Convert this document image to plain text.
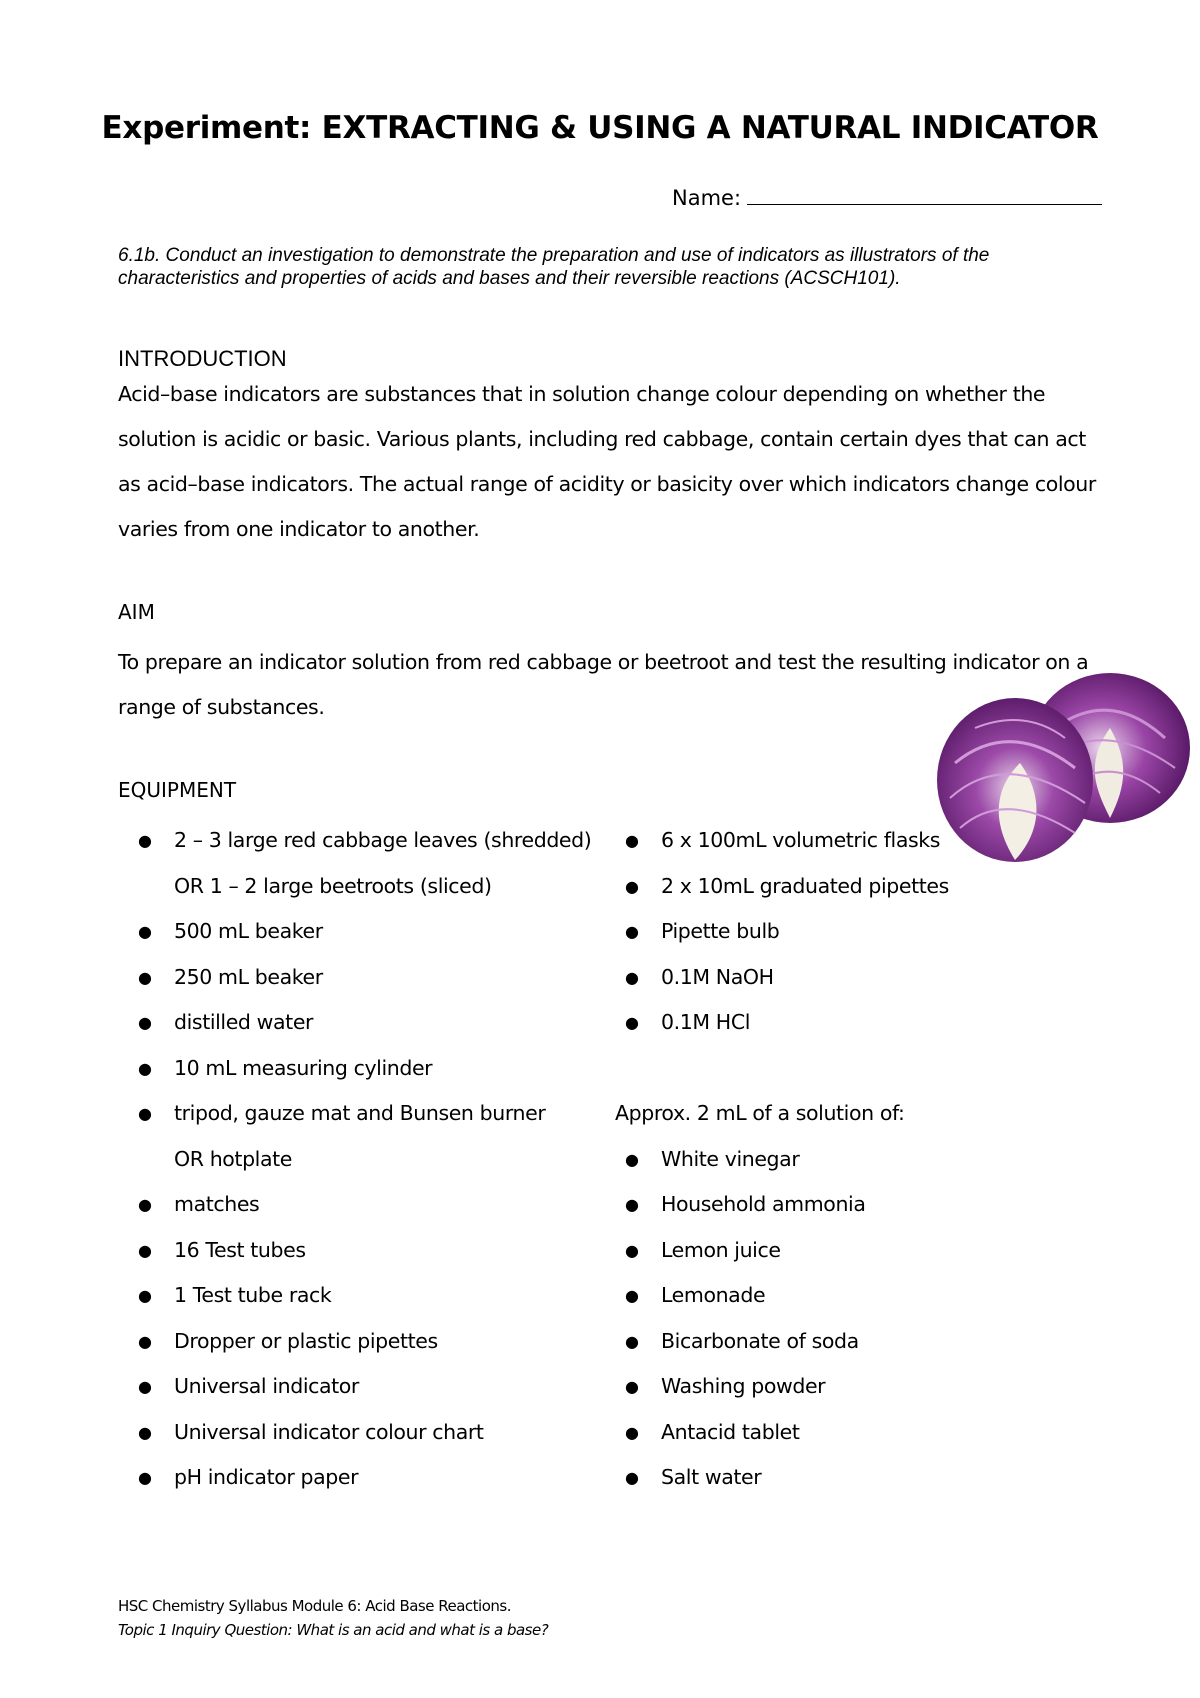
Experiment: EXTRACTING & USING A NATURAL INDICATOR
Name:
6.1b. Conduct an investigation to demonstrate the preparation and use of indicators as illustrators of the characteristics and properties of acids and bases and their reversible reactions (ACSCH101).
INTRODUCTION
Acid–base indicators are substances that in solution change colour depending on whether the solution is acidic or basic. Various plants, including red cabbage, contain certain dyes that can act as acid–base indicators. The actual range of acidity or basicity over which indicators change colour varies from one indicator to another.
AIM
To prepare an indicator solution from red cabbage or beetroot and test the resulting indicator on a range of substances.
EQUIPMENT
● 2 – 3 large red cabbage leaves (shredded)
OR 1 – 2 large beetroots (sliced)
● 500 mL beaker
● 250 mL beaker
● distilled water
● 10 mL measuring cylinder
● tripod, gauze mat and Bunsen burner
OR hotplate
● matches
● 16 Test tubes
● 1 Test tube rack
● Dropper or plastic pipettes
● Universal indicator
● Universal indicator colour chart
● pH indicator paper
● 6 x 100mL volumetric flasks
● 2 x 10mL graduated pipettes
● Pipette bulb
● 0.1M NaOH
● 0.1M HCl
Approx. 2 mL of a solution of:
● White vinegar
● Household ammonia
● Lemon juice
● Lemonade
● Bicarbonate of soda
● Washing powder
● Antacid tablet
● Salt water
HSC Chemistry Syllabus Module 6: Acid Base Reactions.
Topic 1 Inquiry Question: What is an acid and what is a base?
